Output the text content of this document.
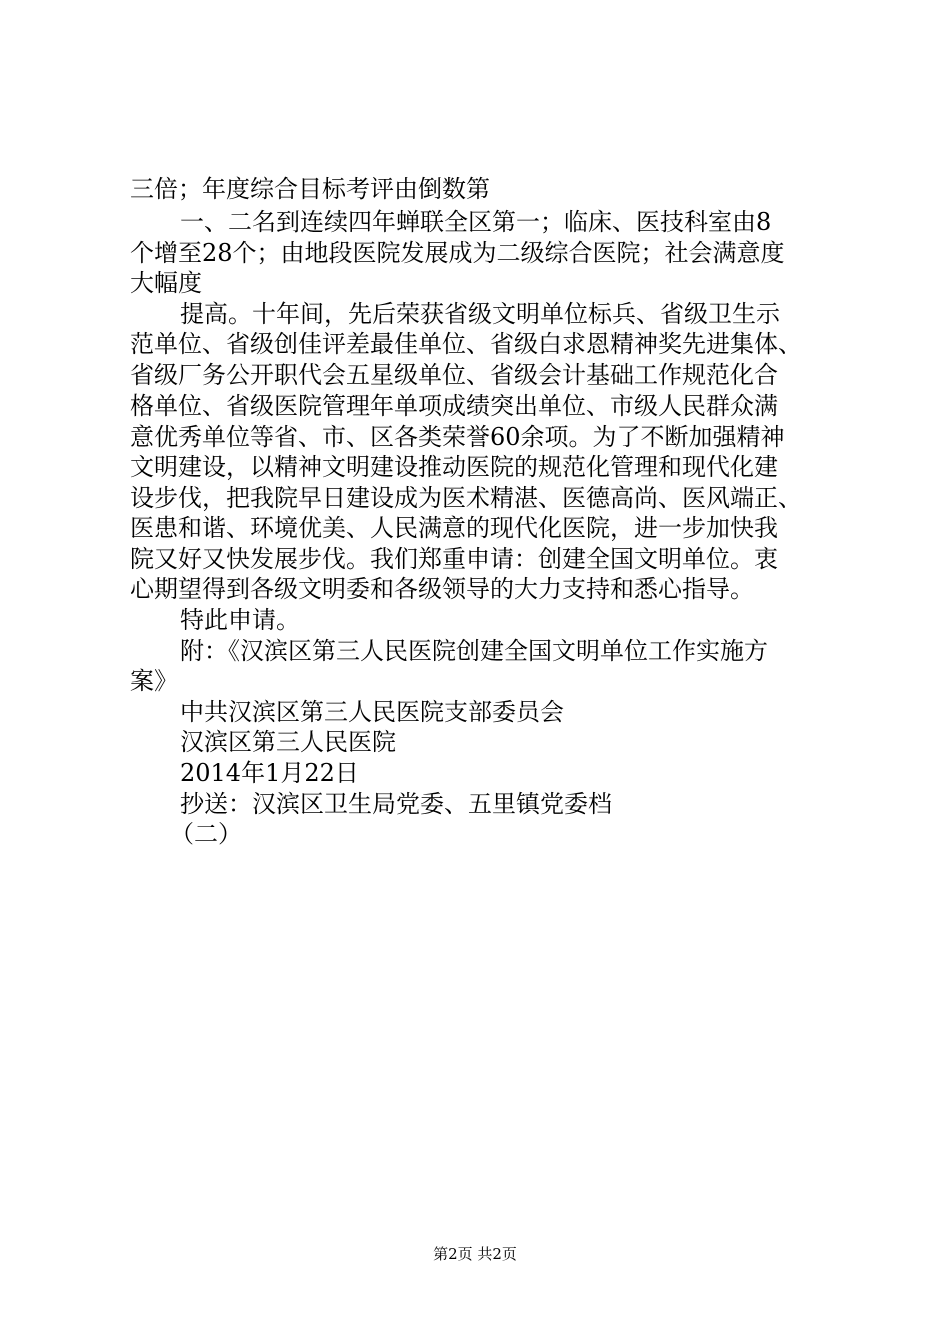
三倍；年度综合目标考评由倒数第
一、二名到连续四年蝉联全区第一；临床、医技科室由8
个增至28个；由地段医院发展成为二级综合医院；社会满意度
大幅度
提高。十年间，先后荣获省级文明单位标兵、省级卫生示
范单位、省级创佳评差最佳单位、省级白求恩精神奖先进集体、
省级厂务公开职代会五星级单位、省级会计基础工作规范化合
格单位、省级医院管理年单项成绩突出单位、市级人民群众满
意优秀单位等省、市、区各类荣誉60余项。为了不断加强精神
文明建设，以精神文明建设推动医院的规范化管理和现代化建
设步伐，把我院早日建设成为医术精湛、医德高尚、医风端正、
医患和谐、环境优美、人民满意的现代化医院，进一步加快我
院又好又快发展步伐。我们郑重申请：创建全国文明单位。衷
心期望得到各级文明委和各级领导的大力支持和悉心指导。
特此申请。
附：《汉滨区第三人民医院创建全国文明单位工作实施方
案》
中共汉滨区第三人民医院支部委员会
汉滨区第三人民医院
2014年1月22日
抄送：汉滨区卫生局党委、五里镇党委档
（二）
第2页 共2页
